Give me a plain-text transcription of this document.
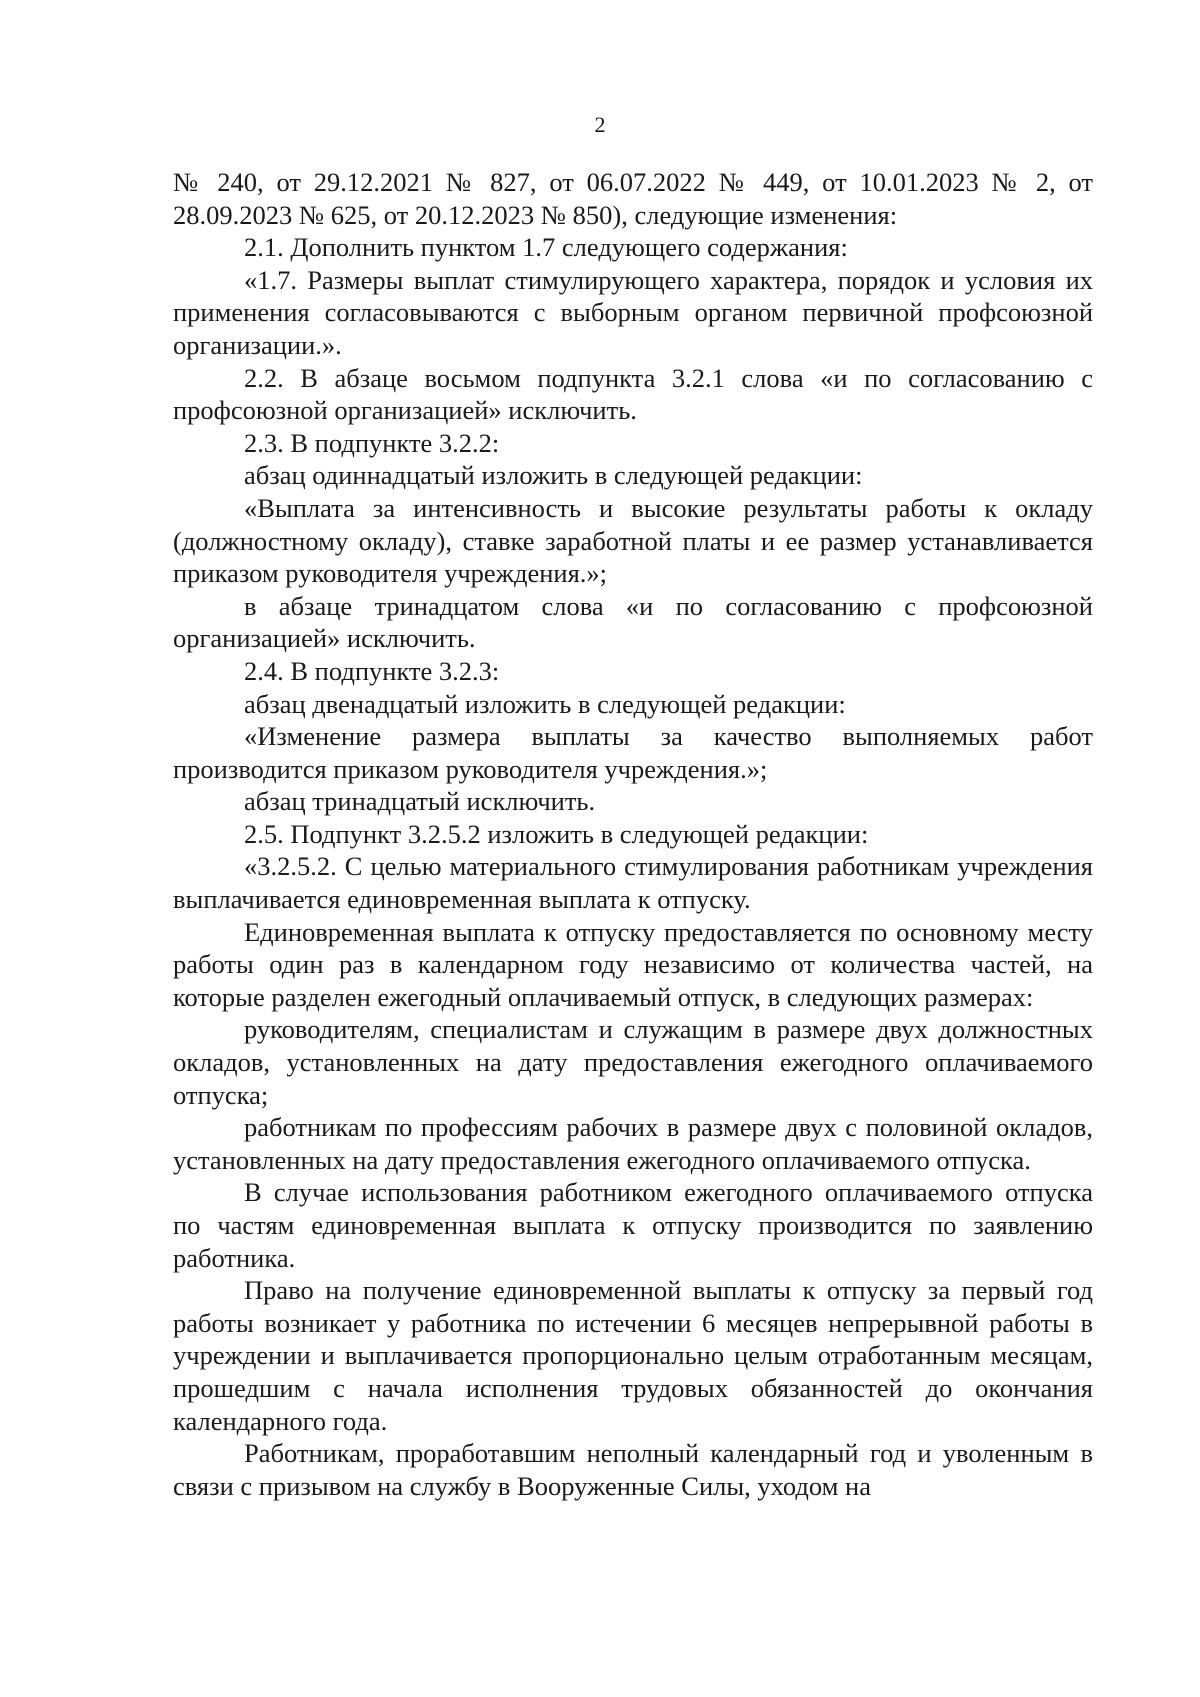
2

№ 240, от 29.12.2021 № 827, от 06.07.2022 № 449, от 10.01.2023 № 2, от 28.09.2023 № 625, от 20.12.2023 № 850), следующие изменения:

2.1. Дополнить пунктом 1.7 следующего содержания:

«1.7. Размеры выплат стимулирующего характера, порядок и условия их применения согласовываются с выборным органом первичной профсоюзной организации.».

2.2. В абзаце восьмом подпункта 3.2.1 слова «и по согласованию с профсоюзной организацией» исключить.

2.3. В подпункте 3.2.2:

абзац одиннадцатый изложить в следующей редакции:

«Выплата за интенсивность и высокие результаты работы к окладу (должностному окладу), ставке заработной платы и ее размер устанавливается приказом руководителя учреждения.»;

в абзаце тринадцатом слова «и по согласованию с профсоюзной организацией» исключить.

2.4. В подпункте 3.2.3:

абзац двенадцатый изложить в следующей редакции:

«Изменение размера выплаты за качество выполняемых работ производится приказом руководителя учреждения.»;

абзац тринадцатый исключить.

2.5. Подпункт 3.2.5.2 изложить в следующей редакции:

«3.2.5.2. С целью материального стимулирования работникам учреждения выплачивается единовременная выплата к отпуску.

Единовременная выплата к отпуску предоставляется по основному месту работы один раз в календарном году независимо от количества частей, на которые разделен ежегодный оплачиваемый отпуск, в следующих размерах:

руководителям, специалистам и служащим в размере двух должностных окладов, установленных на дату предоставления ежегодного оплачиваемого отпуска;

работникам по профессиям рабочих в размере двух с половиной окладов, установленных на дату предоставления ежегодного оплачиваемого отпуска.

В случае использования работником ежегодного оплачиваемого отпуска по частям единовременная выплата к отпуску производится по заявлению работника.

Право на получение единовременной выплаты к отпуску за первый год работы возникает у работника по истечении 6 месяцев непрерывной работы в учреждении и выплачивается пропорционально целым отработанным месяцам, прошедшим с начала исполнения трудовых обязанностей до окончания календарного года.

Работникам, проработавшим неполный календарный год и уволенным в связи с призывом на службу в Вооруженные Силы, уходом на
